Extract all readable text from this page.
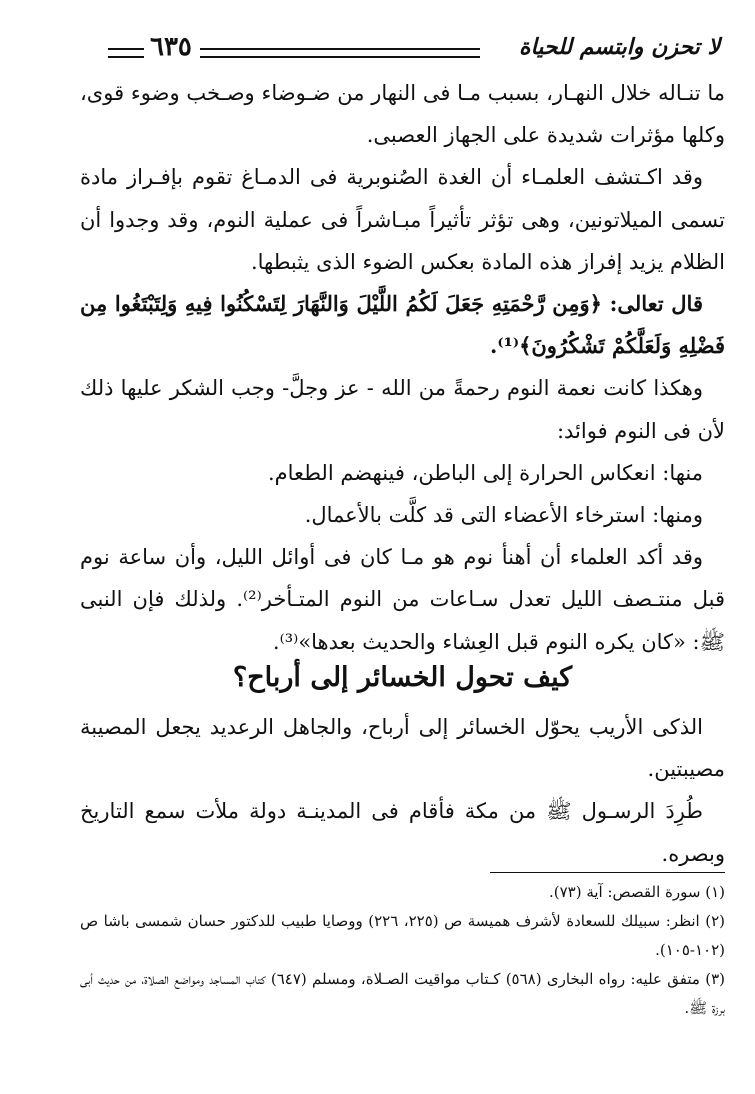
٦٣٥	لا تحزن وابتسم للحياة

ما تنـاله خلال النهـار، بسبب مـا فى النهار من ضـوضاء وصـخب وضوء قوى، وكلها مؤثرات شديدة على الجهاز العصبى.

وقد اكـتشف العلمـاء أن الغدة الصُنوبرية فى الدمـاغ تقوم بإفـراز مادة تسمى الميلاتونين، وهى تؤثر تأثيراً مبـاشراً فى عملية النوم، وقد وجدوا أن الظلام يزيد إفراز هذه المادة بعكس الضوء الذى يثبطها.

قال تعالى: ﴿وَمِن رَّحْمَتِهِ جَعَلَ لَكُمُ اللَّيْلَ وَالنَّهَارَ لِتَسْكُنُوا فِيهِ وَلِتَبْتَغُوا مِن فَضْلِهِ وَلَعَلَّكُمْ تَشْكُرُونَ﴾⁽¹⁾.

وهكذا كانت نعمة النوم رحمةً من الله - عز وجلَّ- وجب الشكر عليها ذلك لأن فى النوم فوائد:

منها: انعكاس الحرارة إلى الباطن، فينهضم الطعام.

ومنها: استرخاء الأعضاء التى قد كلَّت بالأعمال.

وقد أكد العلماء أن أهنأ نوم هو مـا كان فى أوائل الليل، وأن ساعة نوم قبل منتـصف الليل تعدل سـاعات من النوم المتـأخر⁽²⁾. ولذلك فإن النبى ﷺ: «كان يكره النوم قبل العِشاء والحديث بعدها»⁽³⁾.

كيف تحول الخسائر إلى أرباح؟

الذكى الأريب يحوّل الخسائر إلى أرباح، والجاهل الرعديد يجعل المصيبة مصيبتين.

طُرِدَ الرسـول ﷺ من مكة فأقام فى المدينـة دولة ملأت سمع التاريخ وبصره.

(١) سورة القصص: آية (٧٣).

(٢) انظر: سبيلك للسعادة لأشرف هميسة ص (٢٢٥، ٢٢٦) ووصايا طبيب للدكتور حسان شمسى باشا ص (١٠٢-١٠٥).

(٣) متفق عليه: رواه البخارى (٥٦٨) كـتاب مواقيت الصـلاة، ومسلم (٦٤٧) كتاب المساجد ومواضع الصلاة، من حديث أبى برزة ﷺ.
